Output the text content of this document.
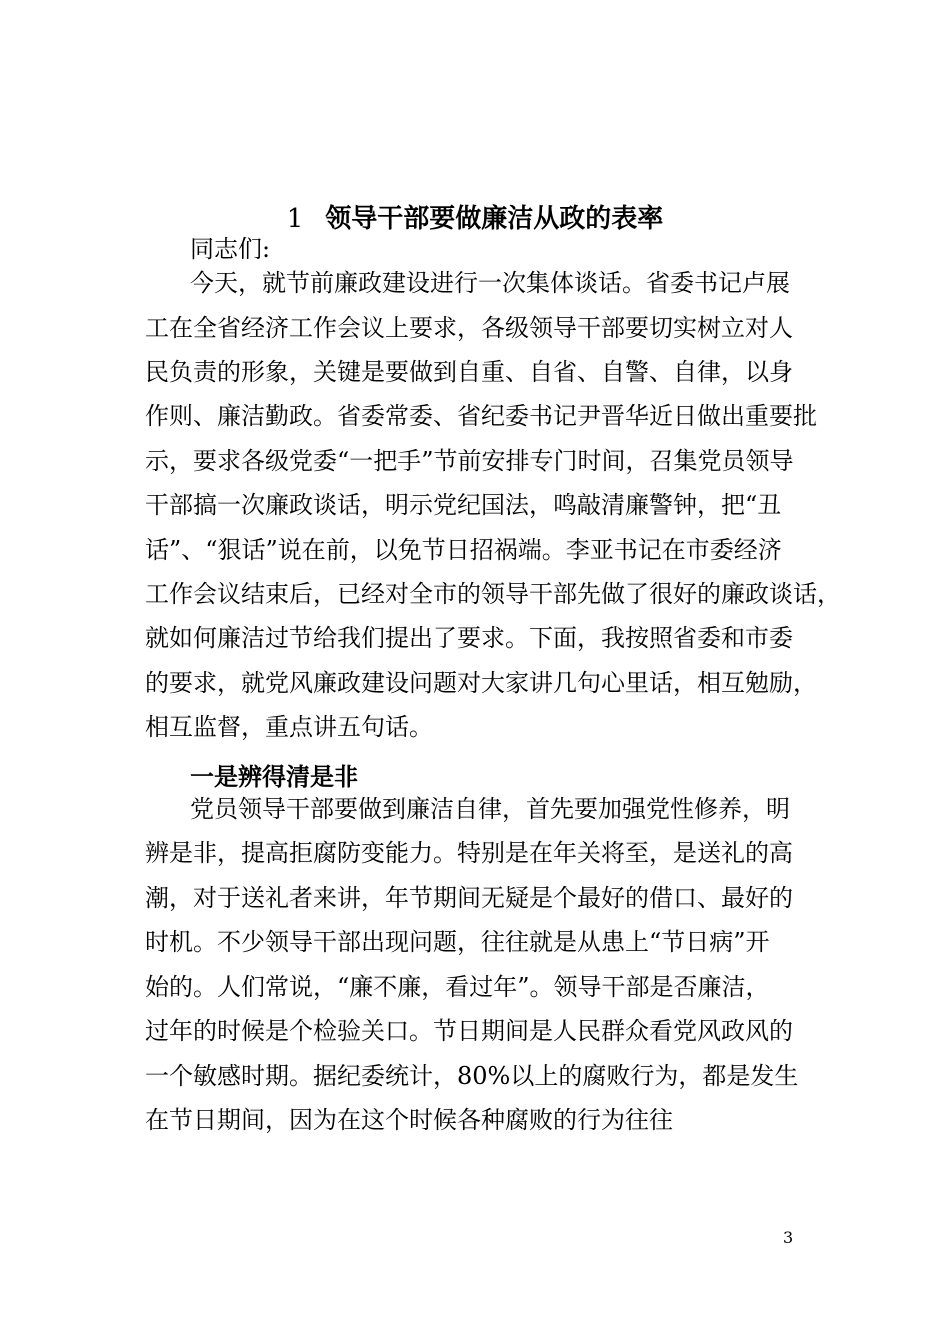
1 领导干部要做廉洁从政的表率
同志们:
今天，就节前廉政建设进行一次集体谈话。省委书记卢展
工在全省经济工作会议上要求，各级领导干部要切实树立对人
民负责的形象，关键是要做到自重、自省、自警、自律，以身
作则、廉洁勤政。省委常委、省纪委书记尹晋华近日做出重要批
示，要求各级党委“一把手”节前安排专门时间，召集党员领导
干部搞一次廉政谈话，明示党纪国法，鸣敲清廉警钟，把“丑
话”、“狠话”说在前，以免节日招祸端。李亚书记在市委经济
工作会议结束后，已经对全市的领导干部先做了很好的廉政谈话，
就如何廉洁过节给我们提出了要求。下面，我按照省委和市委
的要求，就党风廉政建设问题对大家讲几句心里话，相互勉励，
相互监督，重点讲五句话。
一是辨得清是非
党员领导干部要做到廉洁自律，首先要加强党性修养，明
辨是非，提高拒腐防变能力。特别是在年关将至，是送礼的高
潮，对于送礼者来讲，年节期间无疑是个最好的借口、最好的
时机。不少领导干部出现问题，往往就是从患上“节日病”开
始的。人们常说，“廉不廉，看过年”。领导干部是否廉洁，
过年的时候是个检验关口。节日期间是人民群众看党风政风的
一个敏感时期。据纪委统计，80%以上的腐败行为，都是发生
在节日期间，因为在这个时候各种腐败的行为往往
3
